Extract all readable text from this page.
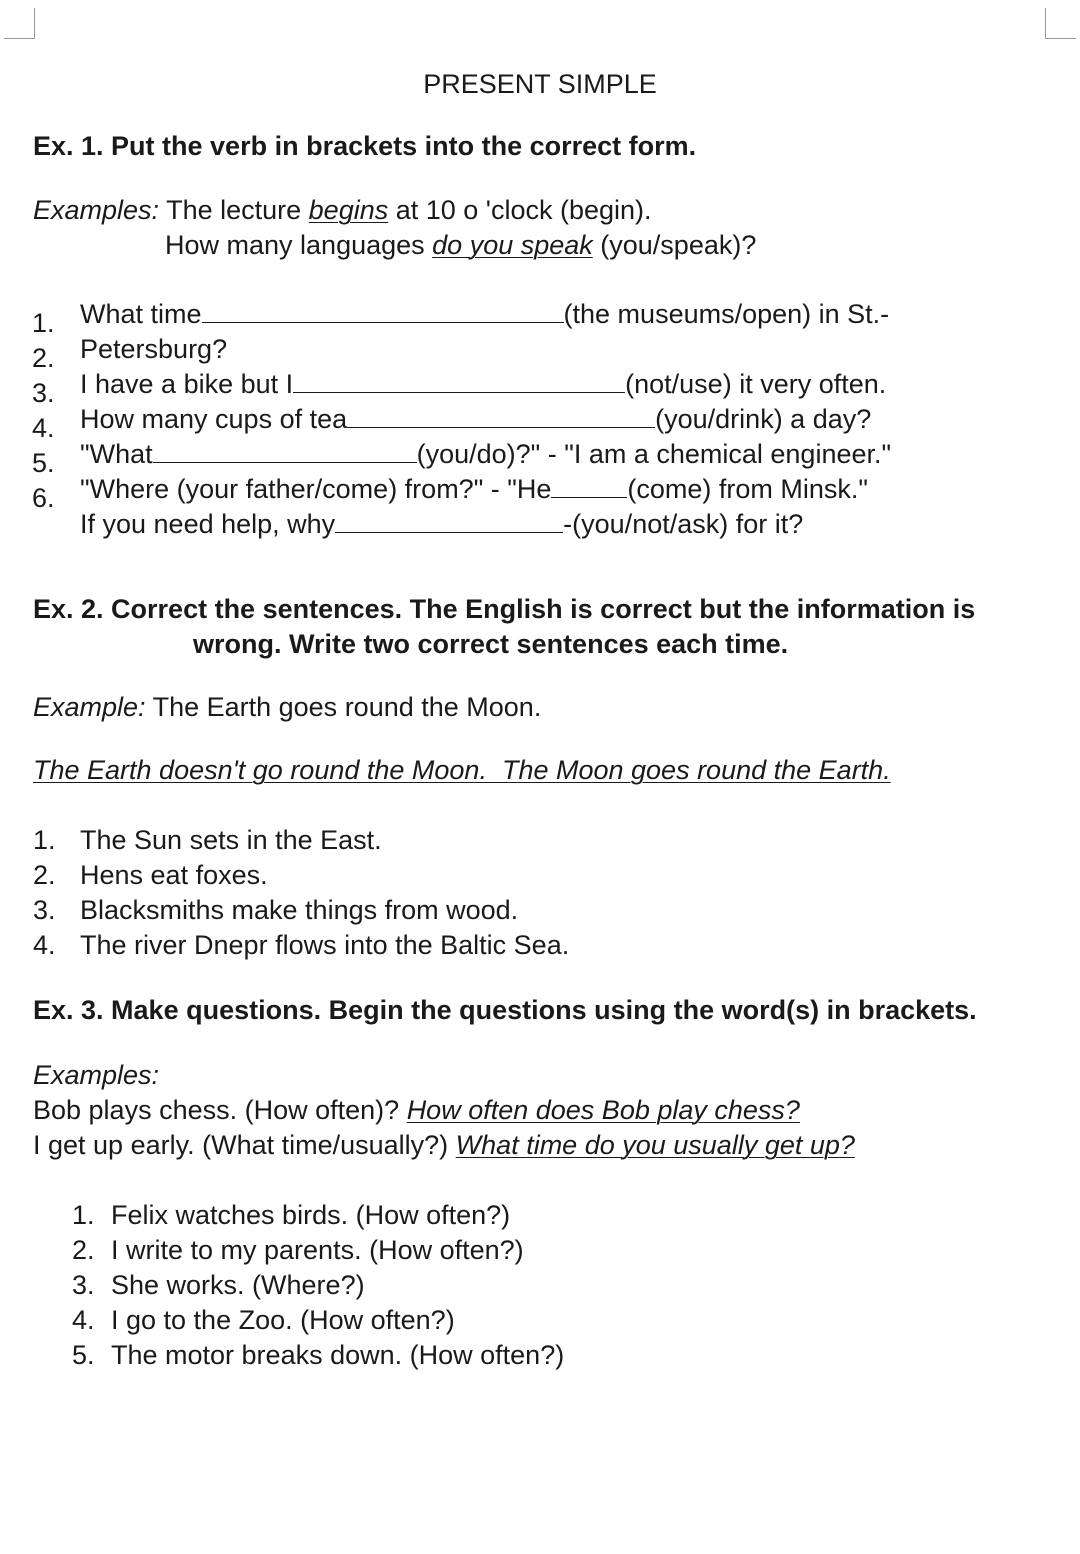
PRESENT SIMPLE
Ex. 1. Put the verb in brackets into the correct form.
Examples: The lecture begins at 10 o 'clock (begin).
How many languages do you speak (you/speak)?
1.
2.
3.
4.
5.
6.
What time	(the museums/open) in St.-
Petersburg?
I have a bike but I	(not/use) it very often.
How many cups of tea	(you/drink) a day?
"What	(you/do)?" - "I am a chemical engineer."
"Where (your father/come) from?" - "He	(come) from Minsk."
If you need help, why	-(you/not/ask) for it?
Ex. 2. Correct the sentences. The English is correct but the information is
wrong. Write two correct sentences each time.
Example: The Earth goes round the Moon.
The Earth doesn't go round the Moon.  The Moon goes round the Earth.
1.
2.
3.
4.
The Sun sets in the East.
Hens eat foxes.
Blacksmiths make things from wood.
The river Dnepr flows into the Baltic Sea.
Ex. 3. Make questions. Begin the questions using the word(s) in brackets.
Examples:
Bob plays chess. (How often)? How often does Bob play chess?
I get up early. (What time/usually?) What time do you usually get up?
1.
2.
3.
4.
5.
Felix watches birds. (How often?)
I write to my parents. (How often?)
She works. (Where?)
I go to the Zoo. (How often?)
The motor breaks down. (How often?)
